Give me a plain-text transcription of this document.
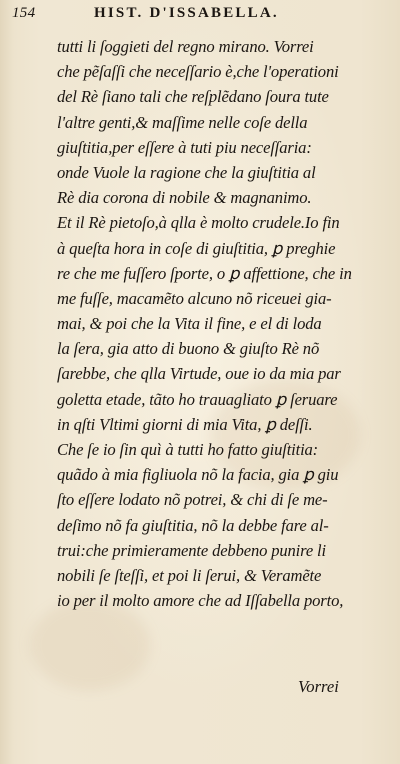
154	HIST. D'ISSABELLA.
tutti li ſoggieti del regno mirano. Vorrei
che pẽſaſſi che neceſſario è,che l'operationi
del Rè ſiano tali che reſplẽdano ſoura tute
l'altre genti,& maſſime nelle coſe della
giuſtitia,per eſſere à tuti piu neceſſaria:
onde Vuole la ragione che la giuſtitia al
Rè dia corona di nobile & magnanimo.
Et il Rè pietoſo,à qlla è molto crudele.Io fin
à queſta hora in coſe di giuſtitia, ꝑ preghie
re che me fuſſero ſporte, o ꝑ affettione, che in
me fuſſe, macamẽto alcuno nõ riceuei gia-
mai, & poi che la Vita il fine, e el di loda
la ſera, gia atto di buono & giuſto Rè nõ
ſarebbe, che qlla Virtude, oue io da mia par
goletta etade, tãto ho trauagliato ꝑ ſeruare
in qſti Vltimi giorni di mia Vita, ꝑ deſſi.
Che ſe io ſin quì à tutti ho fatto giuſtitia:
quãdo à mia figliuola nõ la facia, gia ꝑ giu
ſto eſſere lodato nõ potrei, & chi di ſe me-
deſimo nõ fa giuſtitia, nõ la debbe fare al-
trui:che primieramente debbeno punire li
nobili ſe ſteſſi, et poi li ſerui, & Veramẽte
io per il molto amore che ad Iſſabella porto,
Vorrei
